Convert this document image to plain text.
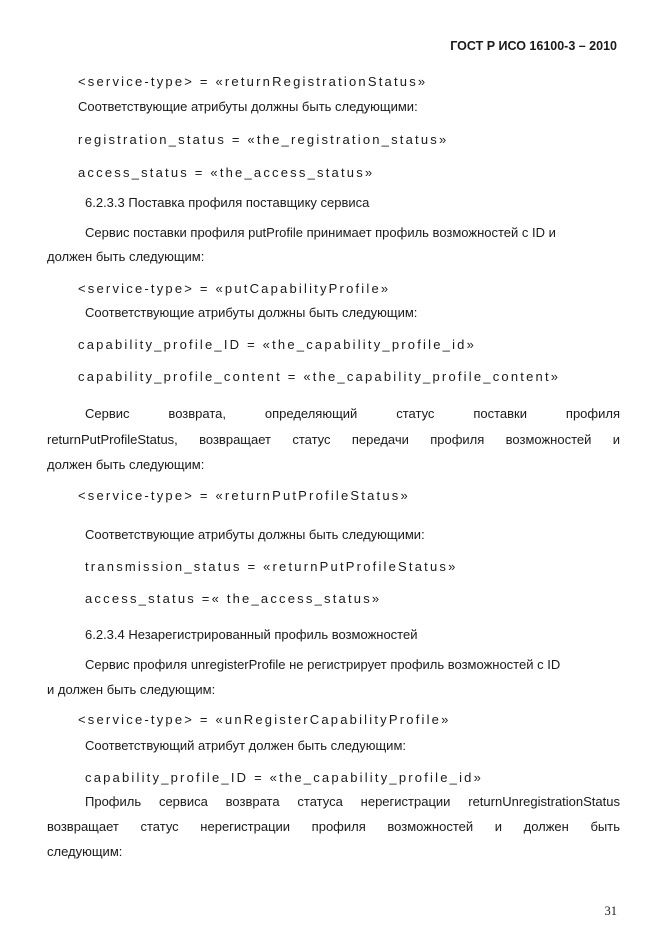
ГОСТ Р ИСО 16100-3 – 2010
<service-type> = «returnRegistrationStatus»
Соответствующие атрибуты должны быть следующими:
registration_status = «the_registration_status»
access_status = «the_access_status»
6.2.3.3 Поставка профиля поставщику сервиса
Сервис поставки профиля putProfile принимает профиль возможностей с ID и
должен быть следующим:
<service-type> = «putCapabilityProfile»
Соответствующие атрибуты должны быть следующим:
capability_profile_ID = «the_capability_profile_id»
capability_profile_content = «the_capability_profile_content»
Сервис возврата, определяющий статус поставки профиля
returnPutProfileStatus, возвращает статус передачи профиля возможностей и
должен быть следующим:
<service-type> = «returnPutProfileStatus»
Соответствующие атрибуты должны быть следующими:
transmission_status = «returnPutProfileStatus»
access_status =« the_access_status»
6.2.3.4 Незарегистрированный профиль возможностей
Сервис профиля unregisterProfile не регистрирует профиль возможностей с ID
и должен быть следующим:
<service-type> = «unRegisterCapabilityProfile»
Соответствующий атрибут должен быть следующим:
capability_profile_ID = «the_capability_profile_id»
Профиль сервиса возврата статуса нерегистрации returnUnregistrationStatus
возвращает статус нерегистрации профиля возможностей и должен быть
следующим:
31
